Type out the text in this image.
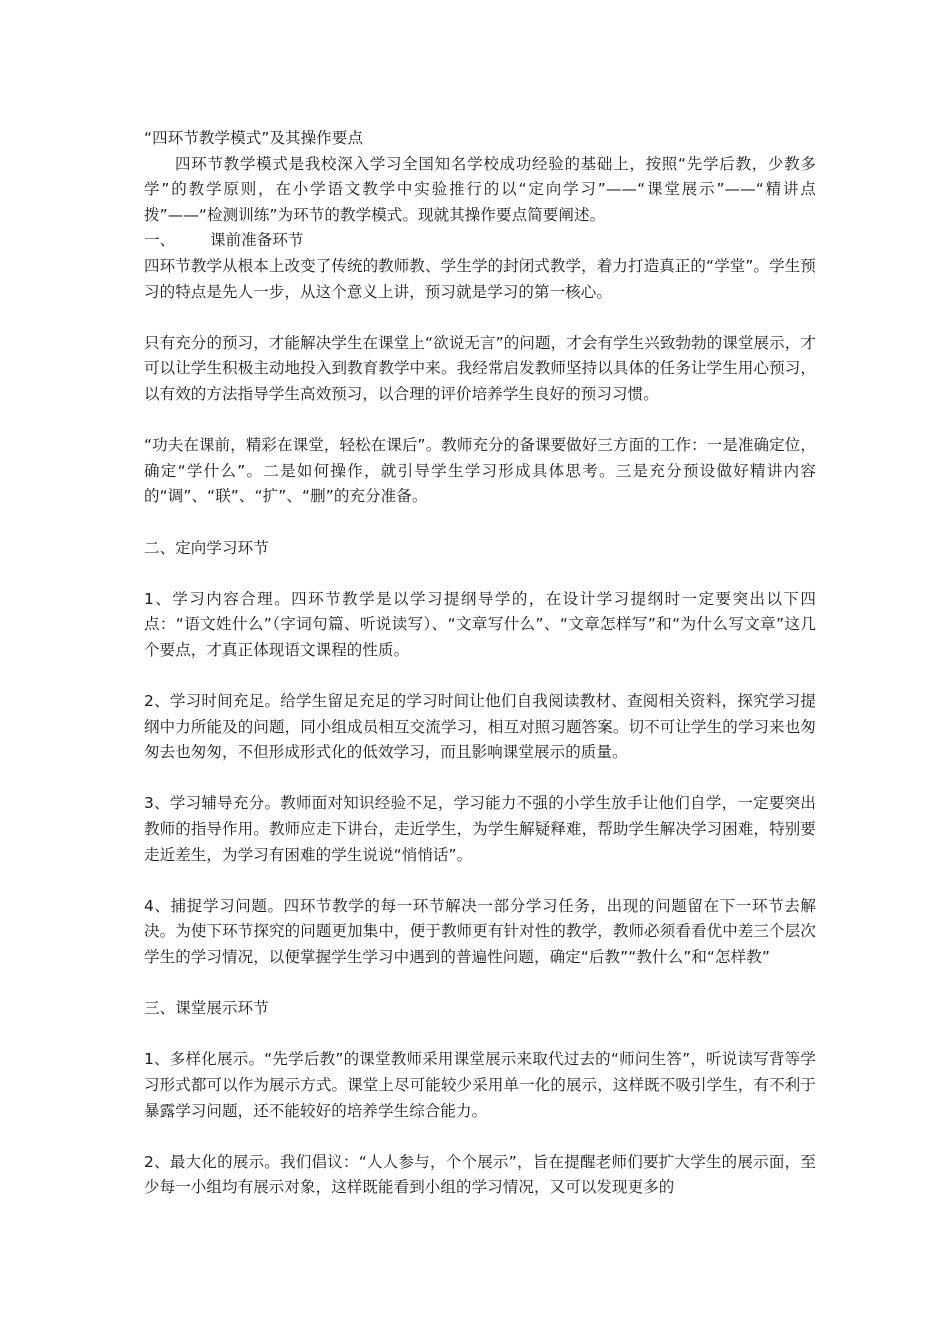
“四环节教学模式”及其操作要点

四环节教学模式是我校深入学习全国知名学校成功经验的基础上，按照“先学后教，少教多学”的教学原则，在小学语文教学中实验推行的以“定向学习”——“课堂展示”——“精讲点拨”——“检测训练”为环节的教学模式。现就其操作要点简要阐述。

一、 课前准备环节

四环节教学从根本上改变了传统的教师教、学生学的封闭式教学，着力打造真正的“学堂”。学生预习的特点是先人一步，从这个意义上讲，预习就是学习的第一核心。

只有充分的预习，才能解决学生在课堂上“欲说无言”的问题，才会有学生兴致勃勃的课堂展示，才可以让学生积极主动地投入到教育教学中来。我经常启发教师坚持以具体的任务让学生用心预习，以有效的方法指导学生高效预习，以合理的评价培养学生良好的预习习惯。

“功夫在课前，精彩在课堂，轻松在课后”。教师充分的备课要做好三方面的工作：一是准确定位，确定“学什么”。二是如何操作，就引导学生学习形成具体思考。三是充分预设做好精讲内容的“调”、“联”、“扩”、“删”的充分准备。

二、定向学习环节

1、学习内容合理。四环节教学是以学习提纲导学的，在设计学习提纲时一定要突出以下四点：“语文姓什么”（字词句篇、听说读写）、“文章写什么”、“文章怎样写”和“为什么写文章”这几个要点，才真正体现语文课程的性质。

2、学习时间充足。给学生留足充足的学习时间让他们自我阅读教材、查阅相关资料，探究学习提纲中力所能及的问题，同小组成员相互交流学习，相互对照习题答案。切不可让学生的学习来也匆匆去也匆匆，不但形成形式化的低效学习，而且影响课堂展示的质量。

3、学习辅导充分。教师面对知识经验不足，学习能力不强的小学生放手让他们自学，一定要突出教师的指导作用。教师应走下讲台，走近学生，为学生解疑释难，帮助学生解决学习困难，特别要走近差生，为学习有困难的学生说说“悄悄话”。

4、捕捉学习问题。四环节教学的每一环节解决一部分学习任务，出现的问题留在下一环节去解决。为使下环节探究的问题更加集中，便于教师更有针对性的教学，教师必须看看优中差三个层次学生的学习情况，以便掌握学生学习中遇到的普遍性问题，确定“后教”“教什么”和“怎样教”

三、课堂展示环节

1、多样化展示。“先学后教”的课堂教师采用课堂展示来取代过去的“师问生答”，听说读写背等学习形式都可以作为展示方式。课堂上尽可能较少采用单一化的展示，这样既不吸引学生，有不利于暴露学习问题，还不能较好的培养学生综合能力。

2、最大化的展示。我们倡议：“人人参与，个个展示”，旨在提醒老师们要扩大学生的展示面，至少每一小组均有展示对象，这样既能看到小组的学习情况，又可以发现更多的
